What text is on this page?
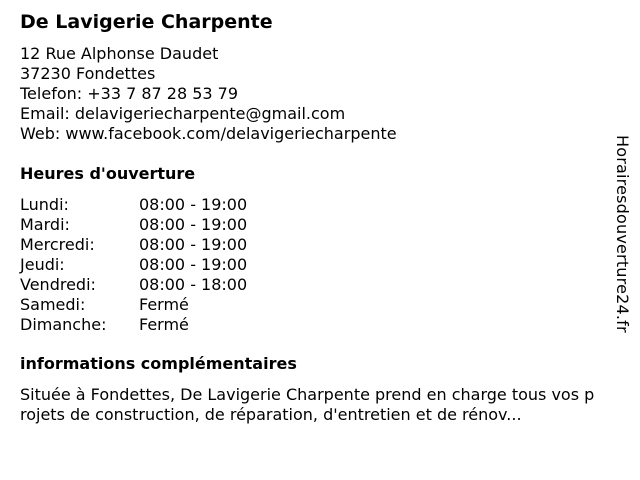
De Lavigerie Charpente
12 Rue Alphonse Daudet
37230 Fondettes
Telefon: +33 7 87 28 53 79
Email: delavigeriecharpente@gmail.com
Web: www.facebook.com/delavigeriecharpente
Heures d'ouverture
Lundi:	08:00 - 19:00
Mardi:	08:00 - 19:00
Mercredi:	08:00 - 19:00
Jeudi:	08:00 - 19:00
Vendredi:	08:00 - 18:00
Samedi:	Fermé
Dimanche: Fermé
informations complémentaires
Située à Fondettes, De Lavigerie Charpente prend en charge tous vos projets de construction, de réparation, d'entretien et de rénov...
Horairesdouverture24.fr
